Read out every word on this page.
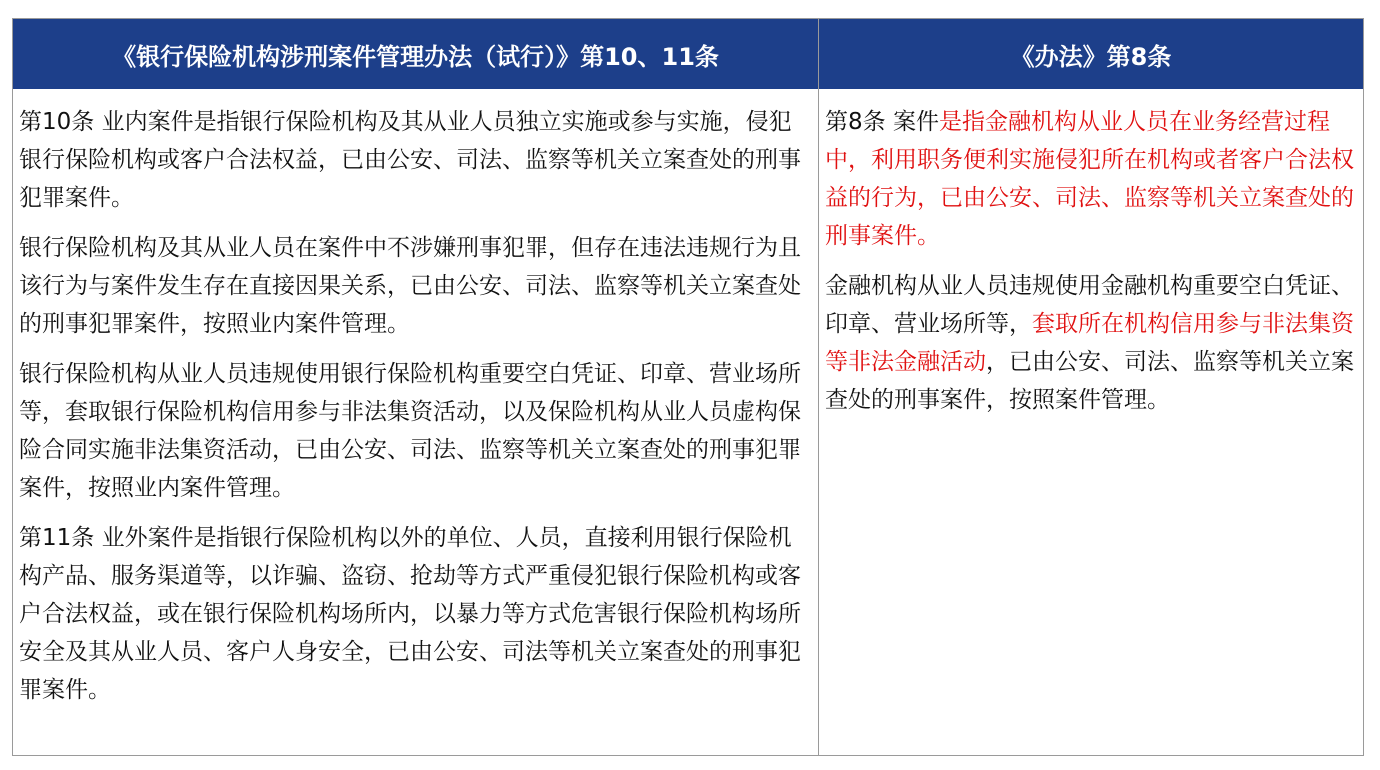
《银行保险机构涉刑案件管理办法（试行）》第10、11条	《办法》第8条

第10条 业内案件是指银行保险机构及其从业人员独立实施或参与实施，侵犯银行保险机构或客户合法权益，已由公安、司法、监察等机关立案查处的刑事犯罪案件。

银行保险机构及其从业人员在案件中不涉嫌刑事犯罪，但存在违法违规行为且该行为与案件发生存在直接因果关系，已由公安、司法、监察等机关立案查处的刑事犯罪案件，按照业内案件管理。

银行保险机构从业人员违规使用银行保险机构重要空白凭证、印章、营业场所等，套取银行保险机构信用参与非法集资活动，以及保险机构从业人员虚构保险合同实施非法集资活动，已由公安、司法、监察等机关立案查处的刑事犯罪案件，按照业内案件管理。

第11条 业外案件是指银行保险机构以外的单位、人员，直接利用银行保险机构产品、服务渠道等，以诈骗、盗窃、抢劫等方式严重侵犯银行保险机构或客户合法权益，或在银行保险机构场所内，以暴力等方式危害银行保险机构场所安全及其从业人员、客户人身安全，已由公安、司法等机关立案查处的刑事犯罪案件。

第8条 案件是指金融机构从业人员在业务经营过程中，利用职务便利实施侵犯所在机构或者客户合法权益的行为，已由公安、司法、监察等机关立案查处的刑事案件。

金融机构从业人员违规使用金融机构重要空白凭证、印章、营业场所等，套取所在机构信用参与非法集资等非法金融活动，已由公安、司法、监察等机关立案查处的刑事案件，按照案件管理。
